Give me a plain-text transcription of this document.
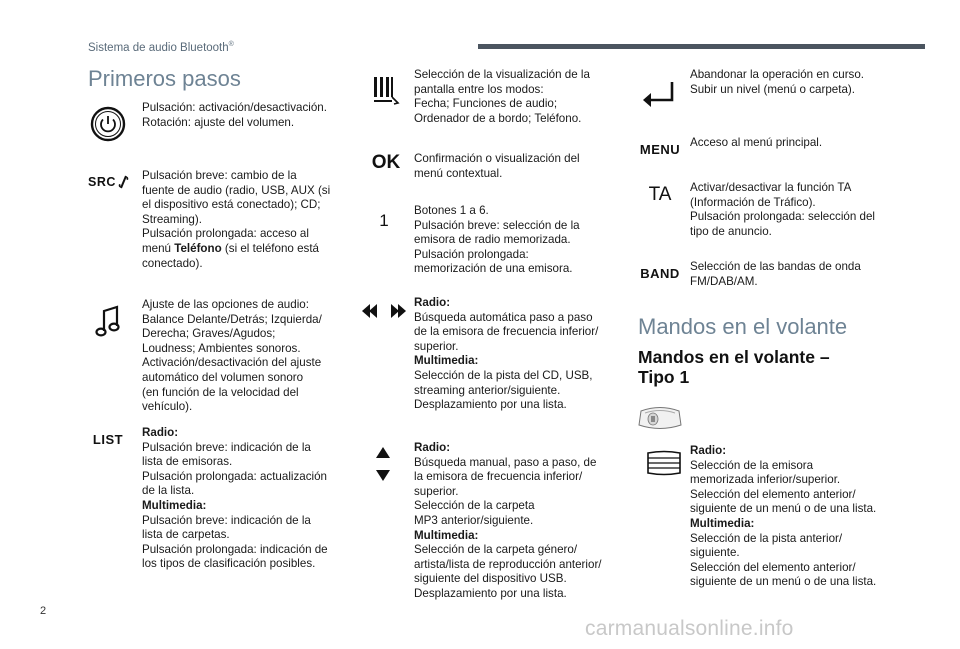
Sistema de audio Bluetooth®
Primeros pasos
Pulsación: activación/desactivación.
Rotación: ajuste del volumen.
SRC Pulsación breve: cambio de la
fuente de audio (radio, USB, AUX (si
el dispositivo está conectado); CD;
Streaming).
Pulsación prolongada: acceso al
menú Teléfono (si el teléfono está
conectado).
Ajuste de las opciones de audio:
Balance Delante/Detrás; Izquierda/
Derecha; Graves/Agudos;
Loudness; Ambientes sonoros.
Activación/desactivación del ajuste
automático del volumen sonoro
(en función de la velocidad del
vehículo).
LIST Radio:
Pulsación breve: indicación de la
lista de emisoras.
Pulsación prolongada: actualización
de la lista.
Multimedia:
Pulsación breve: indicación de la
lista de carpetas.
Pulsación prolongada: indicación de
los tipos de clasificación posibles.
Selección de la visualización de la
pantalla entre los modos:
Fecha; Funciones de audio;
Ordenador de a bordo; Teléfono.
OK Confirmación o visualización del
menú contextual.
1
Botones 1 a 6.
Pulsación breve: selección de la
emisora de radio memorizada.
Pulsación prolongada:
memorización de una emisora.
Radio:
Búsqueda automática paso a paso
de la emisora de frecuencia inferior/
superior.
Multimedia:
Selección de la pista del CD, USB,
streaming anterior/siguiente.
Desplazamiento por una lista.
Radio:
Búsqueda manual, paso a paso, de
la emisora de frecuencia inferior/
superior.
Selección de la carpeta
MP3 anterior/siguiente.
Multimedia:
Selección de la carpeta género/
artista/lista de reproducción anterior/
siguiente del dispositivo USB.
Desplazamiento por una lista.
Abandonar la operación en curso.
Subir un nivel (menú o carpeta).
MENU Acceso al menú principal.
TA Activar/desactivar la función TA
(Información de Tráfico).
Pulsación prolongada: selección del
tipo de anuncio.
BAND Selección de las bandas de onda
FM/DAB/AM.
Mandos en el volante
Mandos en el volante –
Tipo 1
Radio:
Selección de la emisora
memorizada inferior/superior.
Selección del elemento anterior/
siguiente de un menú o de una lista.
Multimedia:
Selección de la pista anterior/
siguiente.
Selección del elemento anterior/
siguiente de un menú o de una lista.
2
carmanualsonline.info
